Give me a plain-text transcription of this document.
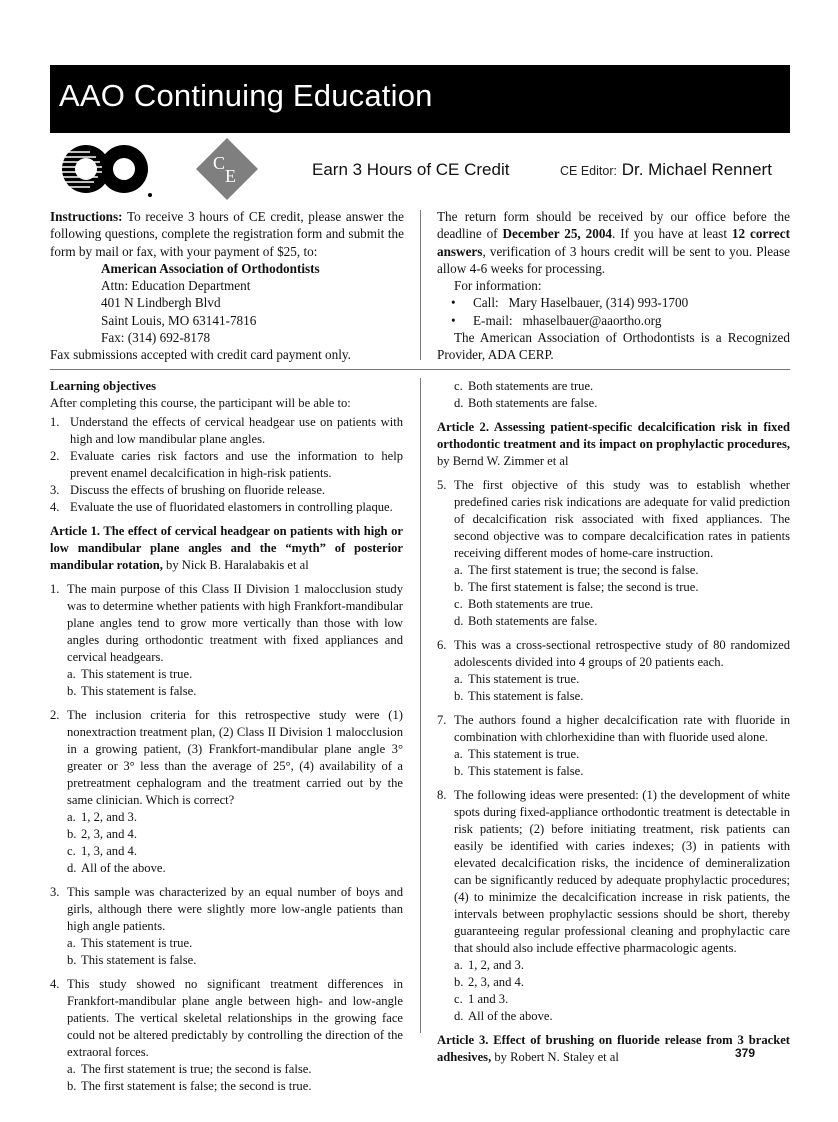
AAO Continuing Education
C
E	Earn 3 Hours of CE Credit	CE Editor: Dr. Michael Rennert
Instructions: To receive 3 hours of CE credit, please answer the following questions, complete the registration form and submit the form by mail or fax, with your payment of $25, to:
American Association of Orthodontists
Attn: Education Department
401 N Lindbergh Blvd
Saint Louis, MO 63141-7816
Fax: (314) 692-8178
Fax submissions accepted with credit card payment only.
The return form should be received by our office before the deadline of December 25, 2004. If you have at least 12 correct answers, verification of 3 hours credit will be sent to you. Please allow 4-6 weeks for processing.
For information:
• Call: Mary Haselbauer, (314) 993-1700
• E-mail: mhaselbauer@aaortho.org
The American Association of Orthodontists is a Recognized Provider, ADA CERP.
Learning objectives
After completing this course, the participant will be able to:
1. Understand the effects of cervical headgear use on patients with high and low mandibular plane angles.
2. Evaluate caries risk factors and use the information to help prevent enamel decalcification in high-risk patients.
3. Discuss the effects of brushing on fluoride release.
4. Evaluate the use of fluoridated elastomers in controlling plaque.
Article 1. The effect of cervical headgear on patients with high or low mandibular plane angles and the “myth” of posterior mandibular rotation, by Nick B. Haralabakis et al
1. The main purpose of this Class II Division 1 malocclusion study was to determine whether patients with high Frankfort-mandibular plane angles tend to grow more vertically than those with low angles during orthodontic treatment with fixed appliances and cervical headgears.
a. This statement is true.
b. This statement is false.
2. The inclusion criteria for this retrospective study were (1) nonextraction treatment plan, (2) Class II Division 1 malocclusion in a growing patient, (3) Frankfort-mandibular plane angle 3° greater or 3° less than the average of 25°, (4) availability of a pretreatment cephalogram and the treatment carried out by the same clinician. Which is correct?
a. 1, 2, and 3.
b. 2, 3, and 4.
c. 1, 3, and 4.
d. All of the above.
3. This sample was characterized by an equal number of boys and girls, although there were slightly more low-angle patients than high angle patients.
a. This statement is true.
b. This statement is false.
4. This study showed no significant treatment differences in Frankfort-mandibular plane angle between high- and low-angle patients. The vertical skeletal relationships in the growing face could not be altered predictably by controlling the direction of the extraoral forces.
a. The first statement is true; the second is false.
b. The first statement is false; the second is true.
c. Both statements are true.
d. Both statements are false.
Article 2. Assessing patient-specific decalcification risk in fixed orthodontic treatment and its impact on prophylactic procedures, by Bernd W. Zimmer et al
5. The first objective of this study was to establish whether predefined caries risk indications are adequate for valid prediction of decalcification risk associated with fixed appliances. The second objective was to compare decalcification rates in patients receiving different modes of home-care instruction.
a. The first statement is true; the second is false.
b. The first statement is false; the second is true.
c. Both statements are true.
d. Both statements are false.
6. This was a cross-sectional retrospective study of 80 randomized adolescents divided into 4 groups of 20 patients each.
a. This statement is true.
b. This statement is false.
7. The authors found a higher decalcification rate with fluoride in combination with chlorhexidine than with fluoride used alone.
a. This statement is true.
b. This statement is false.
8. The following ideas were presented: (1) the development of white spots during fixed-appliance orthodontic treatment is detectable in risk patients; (2) before initiating treatment, risk patients can easily be identified with caries indexes; (3) in patients with elevated decalcification risks, the incidence of demineralization can be significantly reduced by adequate prophylactic procedures; (4) to minimize the decalcification increase in risk patients, the intervals between prophylactic sessions should be short, thereby guaranteeing regular professional cleaning and prophylactic care that should also include effective pharmacologic agents.
a. 1, 2, and 3.
b. 2, 3, and 4.
c. 1 and 3.
d. All of the above.
Article 3. Effect of brushing on fluoride release from 3 bracket adhesives, by Robert N. Staley et al	379
